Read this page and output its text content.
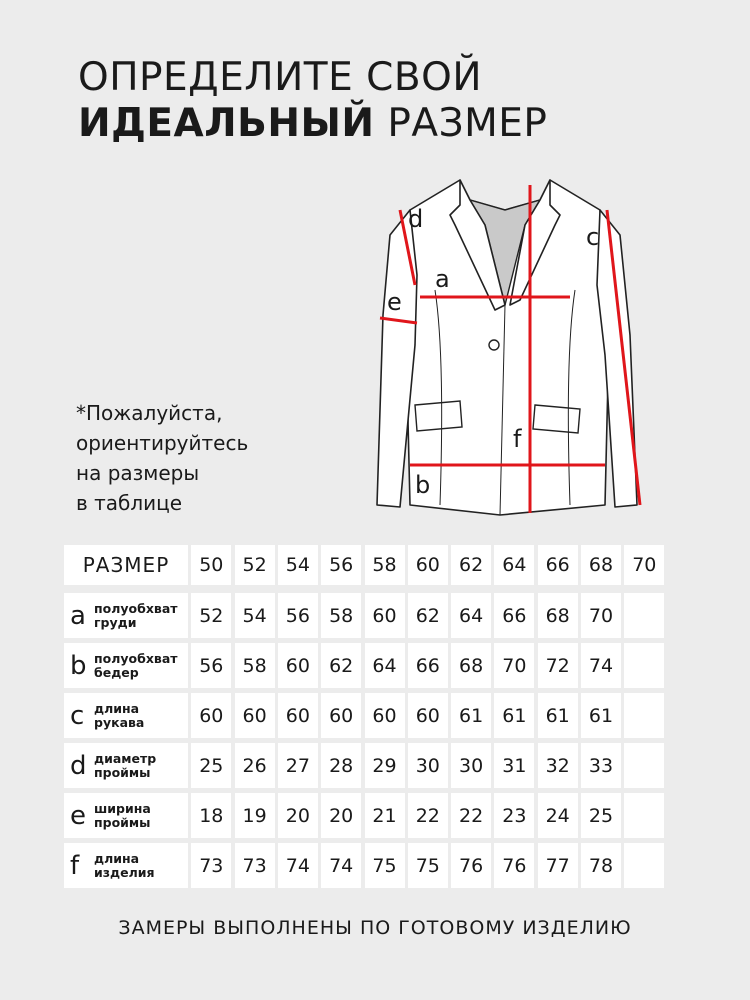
ОПРЕДЕЛИТЕ СВОЙ
ИДЕАЛЬНЫЙ РАЗМЕР
d
a
c
e
f
b
*Пожалуйста,
ориентируйтесь
на размеры
в таблице
РАЗМЕР	50	52	54	56	58	60	62	64	66	68	70
a полуобхват
груди	52	54	56	58	60	62	64	66	68	70
b полуобхват
бедер	56	58	60	62	64	66	68	70	72	74
c длина
рукава	60	60	60	60	60	60	61	61	61	61
d диаметр
проймы	25	26	27	28	29	30	30	31	32	33
e ширина
проймы	18	19	20	20	21	22	22	23	24	25
f	длина
изделия	73	73	74	74	75	75	76	76	77	78
ЗАМЕРЫ ВЫПОЛНЕНЫ ПО ГОТОВОМУ ИЗДЕЛИЮ
